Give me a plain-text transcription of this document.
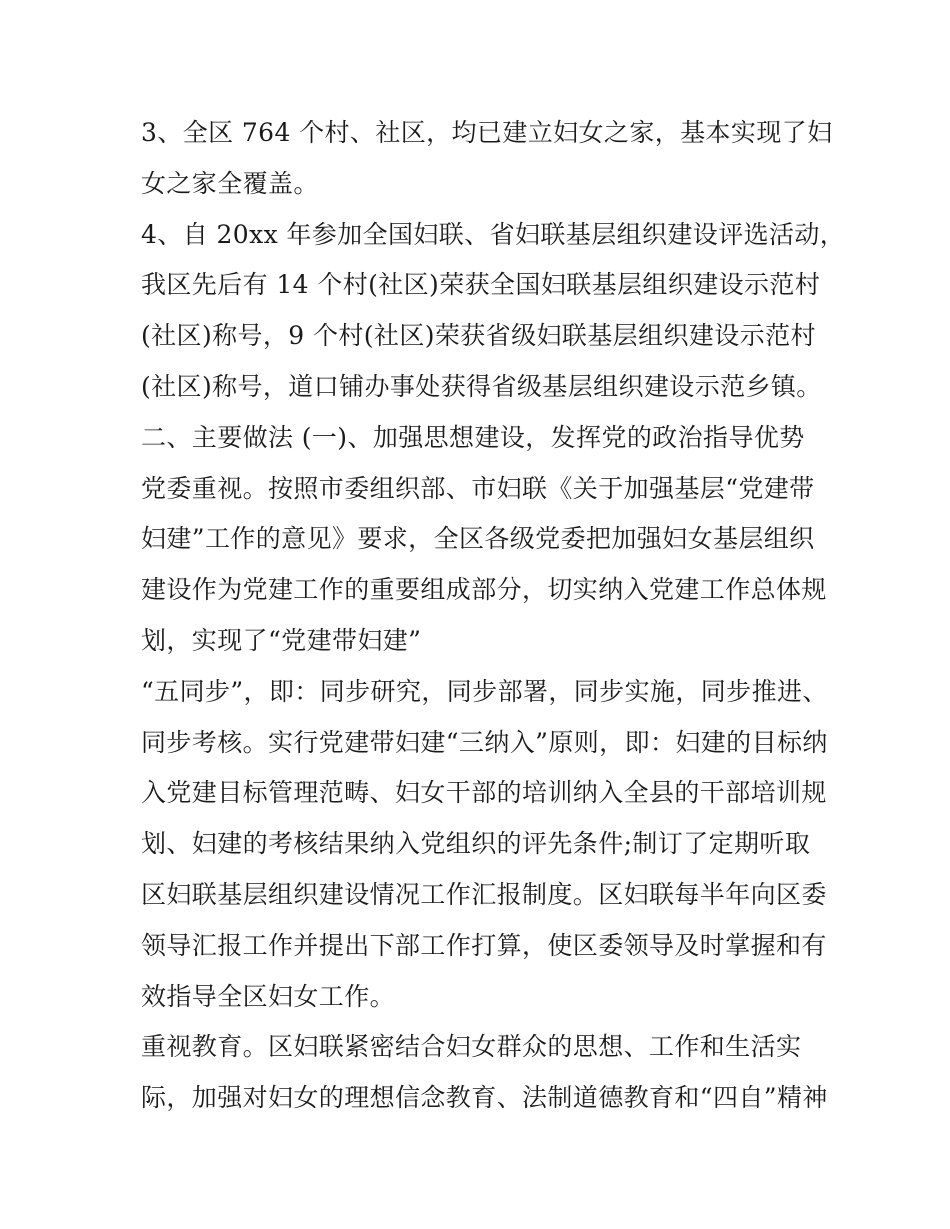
3、全区 764 个村、社区，均已建立妇女之家，基本实现了妇
女之家全覆盖。
4、自 20xx 年参加全国妇联、省妇联基层组织建设评选活动，
我区先后有 14 个村(社区)荣获全国妇联基层组织建设示范村
(社区)称号，9 个村(社区)荣获省级妇联基层组织建设示范村
(社区)称号，道口铺办事处获得省级基层组织建设示范乡镇。
二、主要做法 (一)、加强思想建设，发挥党的政治指导优势
党委重视。按照市委组织部、市妇联《关于加强基层“党建带
妇建”工作的意见》要求，全区各级党委把加强妇女基层组织
建设作为党建工作的重要组成部分，切实纳入党建工作总体规
划，实现了“党建带妇建”
“五同步”，即：同步研究，同步部署，同步实施，同步推进、
同步考核。实行党建带妇建“三纳入”原则，即：妇建的目标纳
入党建目标管理范畴、妇女干部的培训纳入全县的干部培训规
划、妇建的考核结果纳入党组织的评先条件;制订了定期听取
区妇联基层组织建设情况工作汇报制度。区妇联每半年向区委
领导汇报工作并提出下部工作打算，使区委领导及时掌握和有
效指导全区妇女工作。
重视教育。区妇联紧密结合妇女群众的思想、工作和生活实
际，加强对妇女的理想信念教育、法制道德教育和“四自”精神
